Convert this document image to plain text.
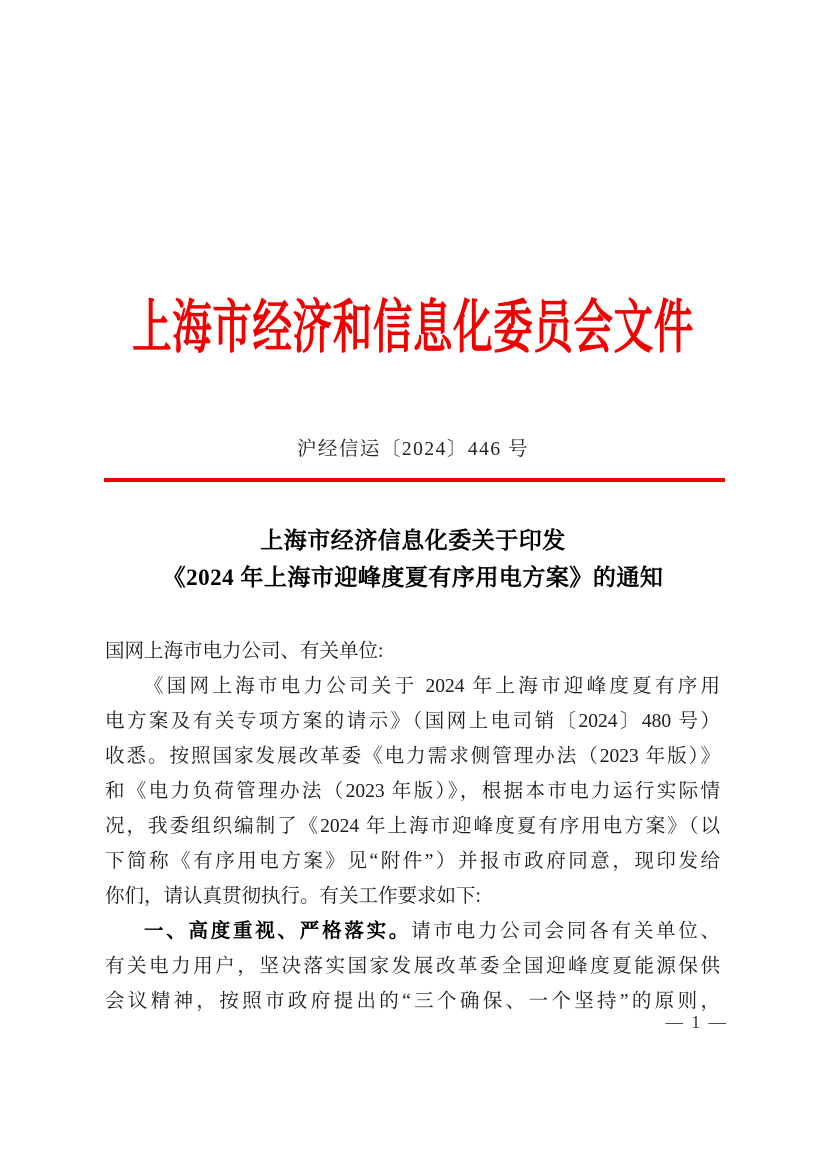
上海市经济和信息化委员会文件
沪经信运〔2024〕446 号
上海市经济信息化委关于印发
《2024 年上海市迎峰度夏有序用电方案》的通知
国网上海市电力公司、有关单位:
《国网上海市电力公司关于 2024 年上海市迎峰度夏有序用
电方案及有关专项方案的请示》（国网上电司销〔2024〕480 号）
收悉。按照国家发展改革委《电力需求侧管理办法（2023 年版）》
和《电力负荷管理办法（2023 年版）》，根据本市电力运行实际情
况，我委组织编制了《2024 年上海市迎峰度夏有序用电方案》（以
下简称《有序用电方案》见“附件”）并报市政府同意，现印发给
你们，请认真贯彻执行。有关工作要求如下:
一、高度重视、严格落实。请市电力公司会同各有关单位、
有关电力用户，坚决落实国家发展改革委全国迎峰度夏能源保供
会议精神，按照市政府提出的“三个确保、一个坚持”的原则，
— 1 —
